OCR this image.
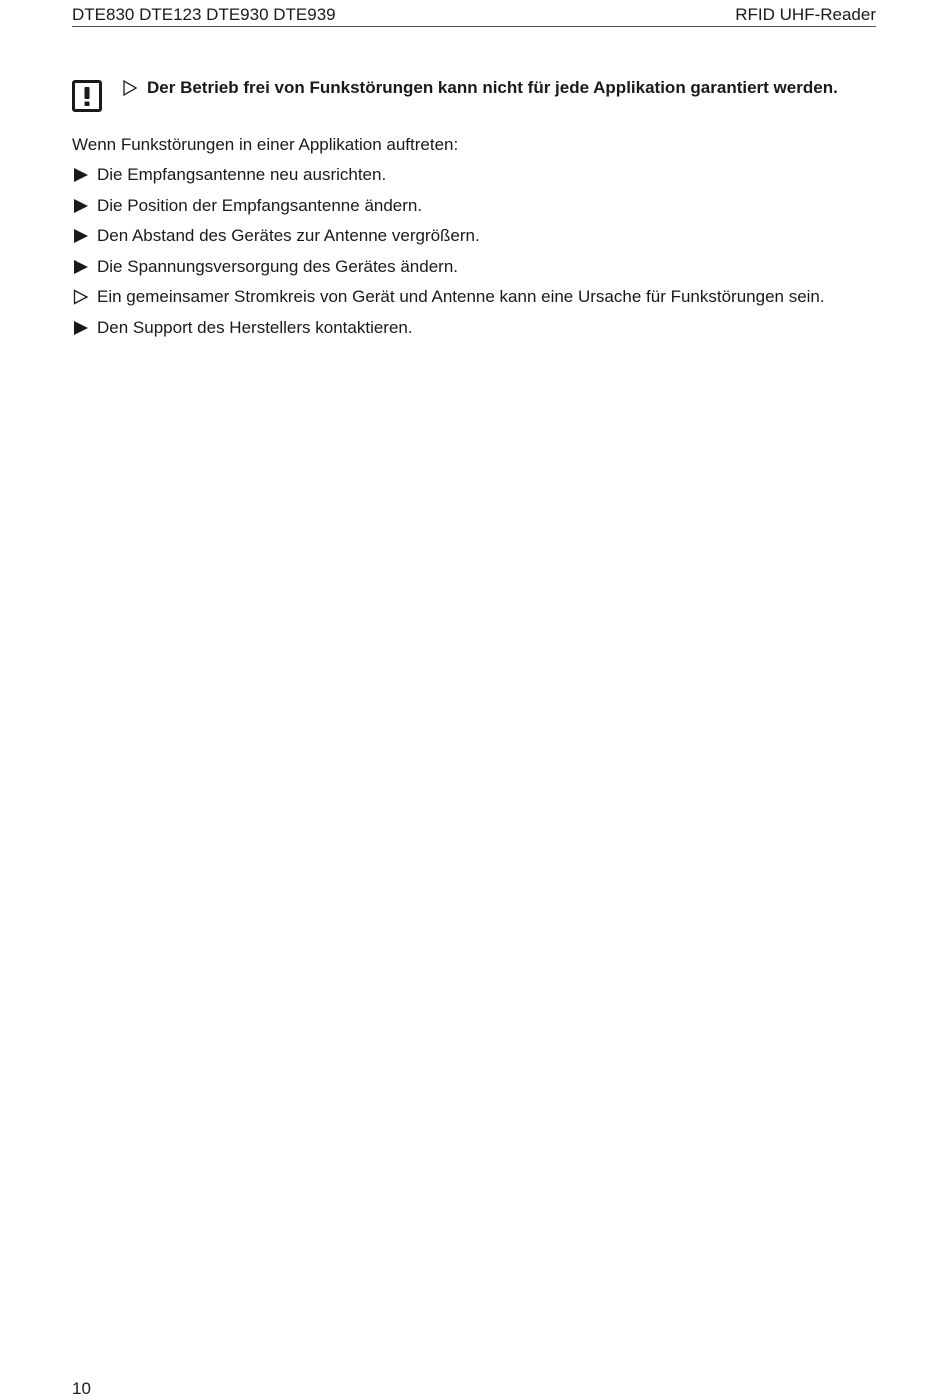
DTE830 DTE123 DTE930 DTE939	RFID UHF-Reader
Der Betrieb frei von Funkstörungen kann nicht für jede Applikation garantiert werden.
Wenn Funkstörungen in einer Applikation auftreten:
Die Empfangsantenne neu ausrichten.
Die Position der Empfangsantenne ändern.
Den Abstand des Gerätes zur Antenne vergrößern.
Die Spannungsversorgung des Gerätes ändern.
Ein gemeinsamer Stromkreis von Gerät und Antenne kann eine Ursache für Funkstörungen sein.
Den Support des Herstellers kontaktieren.
10
